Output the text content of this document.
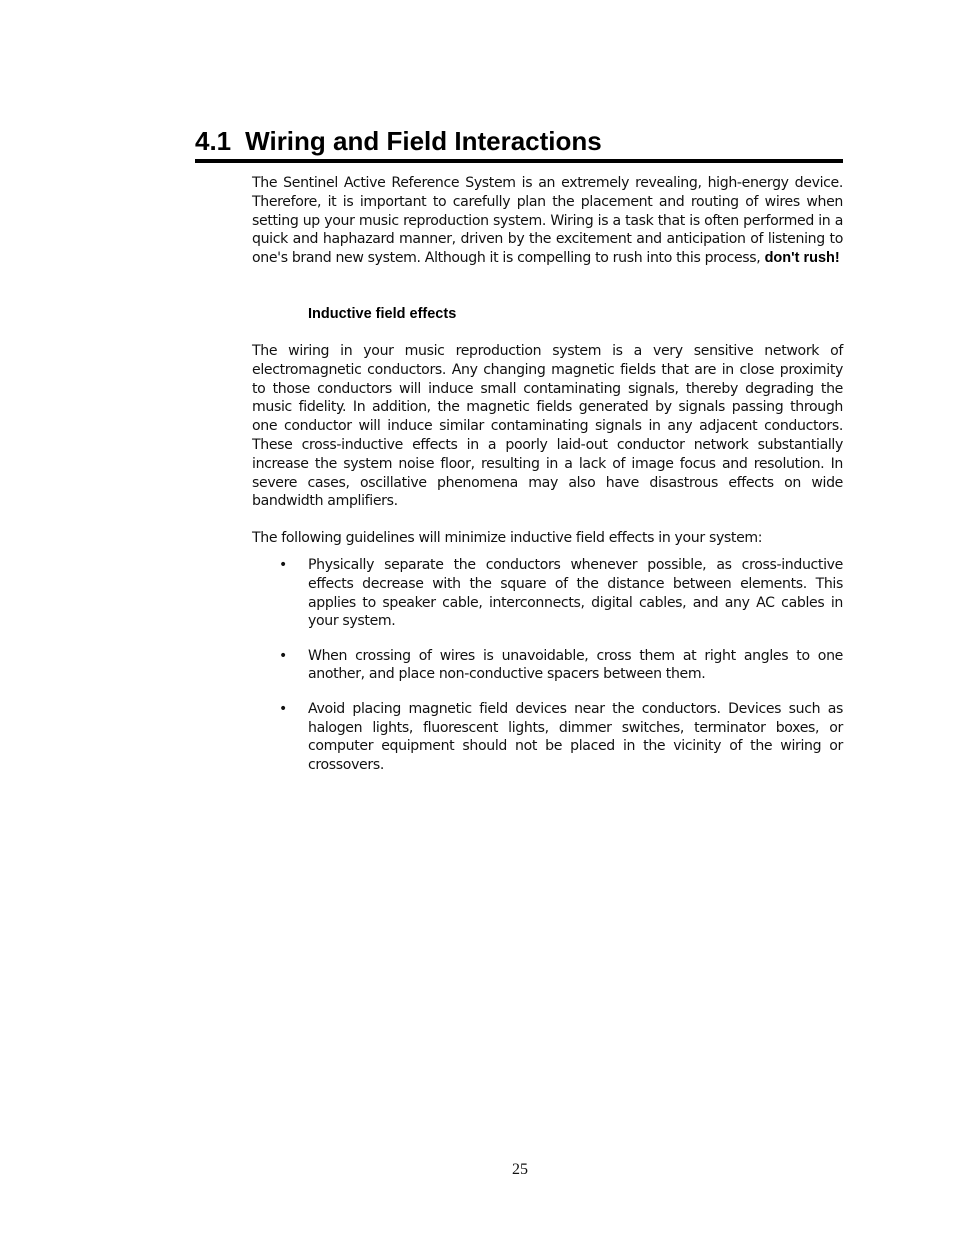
4.1 Wiring and Field Interactions

The Sentinel Active Reference System is an extremely revealing, high-energy device. Therefore, it is important to carefully plan the placement and routing of wires when setting up your music reproduction system. Wiring is a task that is often performed in a quick and haphazard manner, driven by the excitement and anticipation of listening to one's brand new system. Although it is compelling to rush into this process, don't rush!

Inductive field effects

The wiring in your music reproduction system is a very sensitive network of electromagnetic conductors. Any changing magnetic fields that are in close proximity to those conductors will induce small contaminating signals, thereby degrading the music fidelity. In addition, the magnetic fields generated by signals passing through one conductor will induce similar contaminating signals in any adjacent conductors. These cross-inductive effects in a poorly laid-out conductor network substantially increase the system noise floor, resulting in a lack of image focus and resolution. In severe cases, oscillative phenomena may also have disastrous effects on wide bandwidth amplifiers.

The following guidelines will minimize inductive field effects in your system:

• Physically separate the conductors whenever possible, as cross-inductive effects decrease with the square of the distance between elements. This applies to speaker cable, interconnects, digital cables, and any AC cables in your system.
• When crossing of wires is unavoidable, cross them at right angles to one another, and place non-conductive spacers between them.
• Avoid placing magnetic field devices near the conductors. Devices such as halogen lights, fluorescent lights, dimmer switches, terminator boxes, or computer equipment should not be placed in the vicinity of the wiring or crossovers.
25
